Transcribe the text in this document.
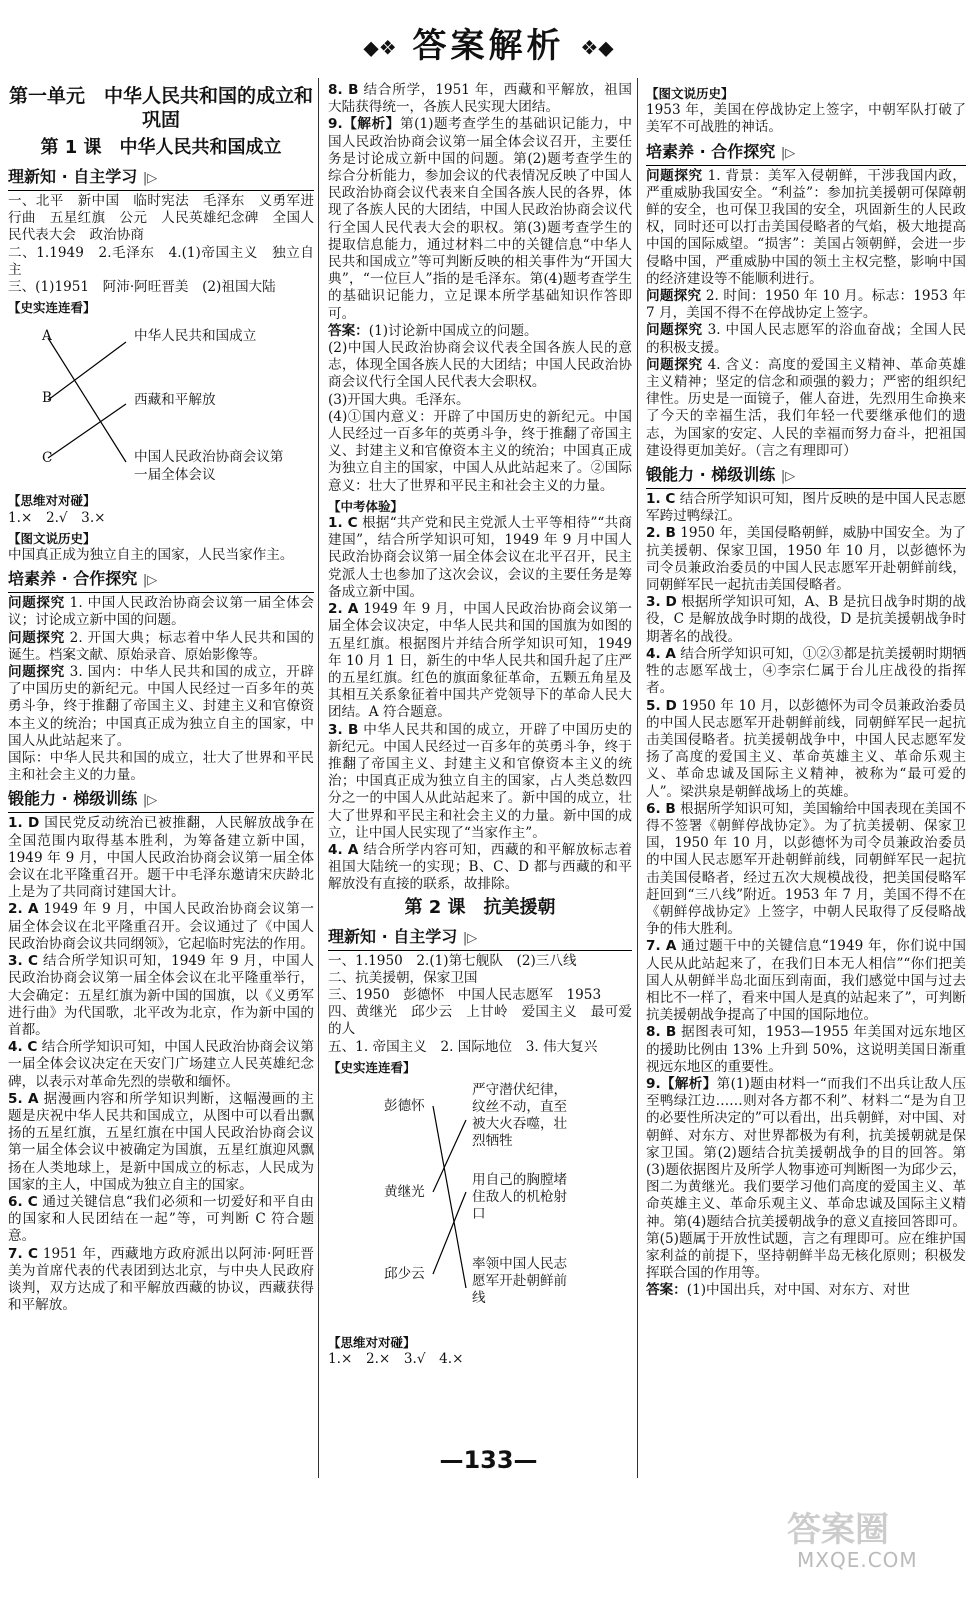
◆❖ 答案解析 ❖◆
第一单元　中华人民共和国的成立和巩固
第 1 课　中华人民共和国成立
理新知 · 自主学习 |▷

一、北平　新中国　临时宪法　毛泽东　义勇军进行曲　五星红旗　公元　人民英雄纪念碑　全国人民代表大会　政治协商

二、1.1949　2.毛泽东　4.(1)帝国主义　独立自主

三、(1)1951　阿沛·阿旺晋美　(2)祖国大陆

【史实连连看】
A
B
C
中华人民共和国成立
西藏和平解放
中国人民政治协商会议第一届全体会议
【思维对对碰】

1.×　2.√　3.×

【图文说历史】

中国真正成为独立自主的国家，人民当家作主。

培素养 · 合作探究 |▷

问题探究 1. 中国人民政治协商会议第一届全体会议；讨论成立新中国的问题。

问题探究 2. 开国大典；标志着中华人民共和国的诞生。档案文献、原始录音、原始影像等。

问题探究 3. 国内：中华人民共和国的成立，开辟了中国历史的新纪元。中国人民经过一百多年的英勇斗争，终于推翻了帝国主义、封建主义和官僚资本主义的统治；中国真正成为独立自主的国家，中国人从此站起来了。

国际：中华人民共和国的成立，壮大了世界和平民主和社会主义的力量。

锻能力 · 梯级训练 |▷

1. D 国民党反动统治已被推翻，人民解放战争在全国范围内取得基本胜利，为筹备建立新中国，1949 年 9 月，中国人民政治协商会议第一届全体会议在北平隆重召开。题干中毛泽东邀请宋庆龄北上是为了共同商讨建国大计。

2. A 1949 年 9 月，中国人民政治协商会议第一届全体会议在北平隆重召开。会议通过了《中国人民政治协商会议共同纲领》，它起临时宪法的作用。

3. C 结合所学知识可知，1949 年 9 月，中国人民政治协商会议第一届全体会议在北平隆重举行，大会确定：五星红旗为新中国的国旗，以《义勇军进行曲》为代国歌，北平改为北京，作为新中国的首都。

4. C 结合所学知识可知，中国人民政治协商会议第一届全体会议决定在天安门广场建立人民英雄纪念碑，以表示对革命先烈的崇敬和缅怀。

5. A 据漫画内容和所学知识判断，这幅漫画的主题是庆祝中华人民共和国成立，从图中可以看出飘扬的五星红旗，五星红旗在中国人民政治协商会议第一届全体会议中被确定为国旗，五星红旗迎风飘扬在人类地球上，是新中国成立的标志，人民成为国家的主人，中国成为独立自主的国家。

6. C 通过关键信息“我们必须和一切爱好和平自由的国家和人民团结在一起”等，可判断 C 符合题意。

7. C 1951 年，西藏地方政府派出以阿沛·阿旺晋美为首席代表的代表团到达北京，与中央人民政府谈判，双方达成了和平解放西藏的协议，西藏获得和平解放。

8. B 结合所学，1951 年，西藏和平解放，祖国大陆获得统一，各族人民实现大团结。

9.【解析】第(1)题考查学生的基础识记能力，中国人民政治协商会议第一届全体会议召开，主要任务是讨论成立新中国的问题。第(2)题考查学生的综合分析能力，参加会议的代表情况反映了中国人民政治协商会议代表来自全国各族人民的各界，体现了各族人民的大团结，中国人民政治协商会议代行全国人民代表大会的职权。第(3)题考查学生的提取信息能力，通过材料二中的关键信息“中华人民共和国成立”等可判断反映的相关事件为“开国大典”，“一位巨人”指的是毛泽东。第(4)题考查学生的基础识记能力，立足课本所学基础知识作答即可。

答案：(1)讨论新中国成立的问题。

(2)中国人民政治协商会议代表全国各族人民的意志，体现全国各族人民的大团结；中国人民政治协商会议代行全国人民代表大会职权。

(3)开国大典。毛泽东。

(4)①国内意义：开辟了中国历史的新纪元。中国人民经过一百多年的英勇斗争，终于推翻了帝国主义、封建主义和官僚资本主义的统治；中国真正成为独立自主的国家，中国人从此站起来了。②国际意义：壮大了世界和平民主和社会主义的力量。

【中考体验】

1. C 根据“共产党和民主党派人士平等相待”“共商建国”，结合所学知识可知，1949 年 9 月中国人民政治协商会议第一届全体会议在北平召开，民主党派人士也参加了这次会议，会议的主要任务是筹备成立新中国。

2. A 1949 年 9 月，中国人民政治协商会议第一届全体会议决定，中华人民共和国的国旗为如图的五星红旗。根据图片并结合所学知识可知，1949 年 10 月 1 日，新生的中华人民共和国升起了庄严的五星红旗。红色的旗面象征革命，五颗五角星及其相互关系象征着中国共产党领导下的革命人民大团结。A 符合题意。

3. B 中华人民共和国的成立，开辟了中国历史的新纪元。中国人民经过一百多年的英勇斗争，终于推翻了帝国主义、封建主义和官僚资本主义的统治；中国真正成为独立自主的国家，占人类总数四分之一的中国人从此站起来了。新中国的成立，壮大了世界和平民主和社会主义的力量。新中国的成立，让中国人民实现了“当家作主”。

4. A 结合所学内容可知，西藏的和平解放标志着祖国大陆统一的实现；B、C、D 都与西藏的和平解放没有直接的联系，故排除。

第 2 课　抗美援朝
理新知 · 自主学习 |▷

一、1.1950　2.(1)第七舰队　(2)三八线

二、抗美援朝，保家卫国

三、1950　彭德怀　中国人民志愿军　1953

四、黄继光　邱少云　上甘岭　爱国主义　最可爱的人

五、1. 帝国主义　2. 国际地位　3. 伟大复兴

【史实连连看】
彭德怀
黄继光
邱少云
严守潜伏纪律，纹丝不动，直至被大火吞噬，壮烈牺牲
用自己的胸膛堵住敌人的机枪射口
率领中国人民志愿军开赴朝鲜前线
【思维对对碰】

1.×　2.×　3.√　4.×

【图文说历史】

1953 年，美国在停战协定上签字，中朝军队打破了美军不可战胜的神话。

培素养 · 合作探究 |▷

问题探究 1. 背景：美军入侵朝鲜，干涉我国内政，严重威胁我国安全。“利益”：参加抗美援朝可保障朝鲜的安全，也可保卫我国的安全，巩固新生的人民政权，同时还可以打击美国侵略者的气焰，极大地提高中国的国际威望。“损害”：美国占领朝鲜，会进一步侵略中国，严重威胁中国的领土主权完整，影响中国的经济建设等不能顺利进行。

问题探究 2. 时间：1950 年 10 月。标志：1953 年 7 月，美国不得不在停战协定上签字。

问题探究 3. 中国人民志愿军的浴血奋战；全国人民的积极支援。

问题探究 4. 含义：高度的爱国主义精神、革命英雄主义精神；坚定的信念和顽强的毅力；严密的组织纪律性。历史是一面镜子，催人奋进，先烈用生命换来了今天的幸福生活，我们年轻一代要继承他们的遗志，为国家的安定、人民的幸福而努力奋斗，把祖国建设得更加美好。（言之有理即可）

锻能力 · 梯级训练 |▷

1. C 结合所学知识可知，图片反映的是中国人民志愿军跨过鸭绿江。

2. B 1950 年，美国侵略朝鲜，威胁中国安全。为了抗美援朝、保家卫国，1950 年 10 月，以彭德怀为司令员兼政治委员的中国人民志愿军开赴朝鲜前线，同朝鲜军民一起抗击美国侵略者。

3. D 根据所学知识可知，A、B 是抗日战争时期的战役，C 是解放战争时期的战役，D 是抗美援朝战争时期著名的战役。

4. A 结合所学知识可知，①②③都是抗美援朝时期牺牲的志愿军战士，④李宗仁属于台儿庄战役的指挥者。

5. D 1950 年 10 月，以彭德怀为司令员兼政治委员的中国人民志愿军开赴朝鲜前线，同朝鲜军民一起抗击美国侵略者。抗美援朝战争中，中国人民志愿军发扬了高度的爱国主义、革命英雄主义、革命乐观主义、革命忠诚及国际主义精神，被称为“最可爱的人”。梁洪泉是朝鲜战场上的英雄。

6. B 根据所学知识可知，美国输给中国表现在美国不得不签署《朝鲜停战协定》。为了抗美援朝、保家卫国，1950 年 10 月，以彭德怀为司令员兼政治委员的中国人民志愿军开赴朝鲜前线，同朝鲜军民一起抗击美国侵略者，经过五次大规模战役，把美国侵略军赶回到“三八线”附近。1953 年 7 月，美国不得不在《朝鲜停战协定》上签字，中朝人民取得了反侵略战争的伟大胜利。

7. A 通过题干中的关键信息“1949 年，你们说中国人民从此站起来了，在我们日本无人相信”“你们把美国人从朝鲜半岛北面压到南面，我们感觉中国与过去相比不一样了，看来中国人是真的站起来了”，可判断抗美援朝战争提高了中国的国际地位。

8. B 据图表可知，1953—1955 年美国对远东地区的援助比例由 13% 上升到 50%，这说明美国日渐重视远东地区的重要性。

9.【解析】第(1)题由材料一“而我们不出兵让敌人压至鸭绿江边……则对各方都不利”、材料二“是为自卫的必要性所决定的”可以看出，出兵朝鲜，对中国、对朝鲜、对东方、对世界都极为有利，抗美援朝就是保家卫国。第(2)题结合抗美援朝战争的目的回答。第(3)题依据图片及所学人物事迹可判断图一为邱少云，图二为黄继光。我们要学习他们高度的爱国主义、革命英雄主义、革命乐观主义、革命忠诚及国际主义精神。第(4)题结合抗美援朝战争的意义直接回答即可。第(5)题属于开放性试题，言之有理即可。应在维护国家利益的前提下，坚持朝鲜半岛无核化原则；积极发挥联合国的作用等。

答案：(1)中国出兵，对中国、对东方、对世

—133—
答案圈
MXQE.COM
